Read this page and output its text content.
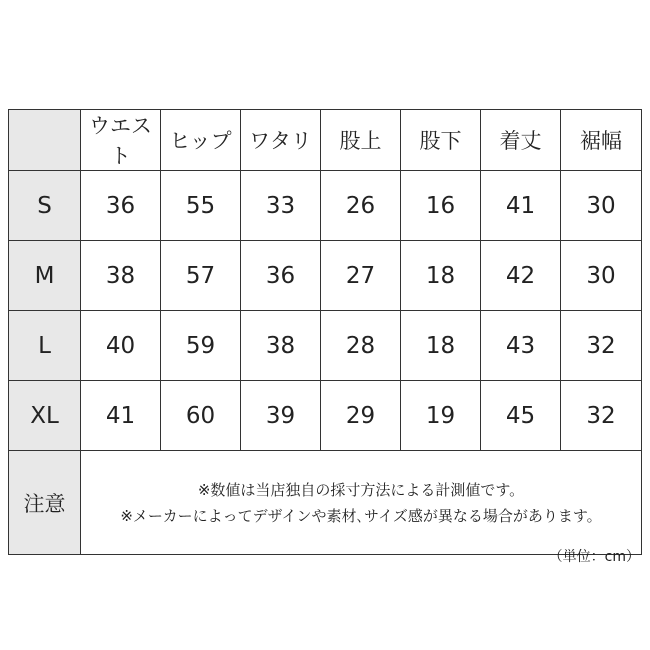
	ウエスト	ヒップ	ワタリ	股上	股下	着丈	裾幅
S	36	55	33	26	16	41	30
M	38	57	36	27	18	42	30
L	40	59	38	28	18	43	32
XL	41	60	39	29	19	45	32
注意	※数値は当店独自の採寸方法による計測値です。
※メーカーによってデザインや素材､サイズ感が異なる場合があります。						
（単位：cm）
